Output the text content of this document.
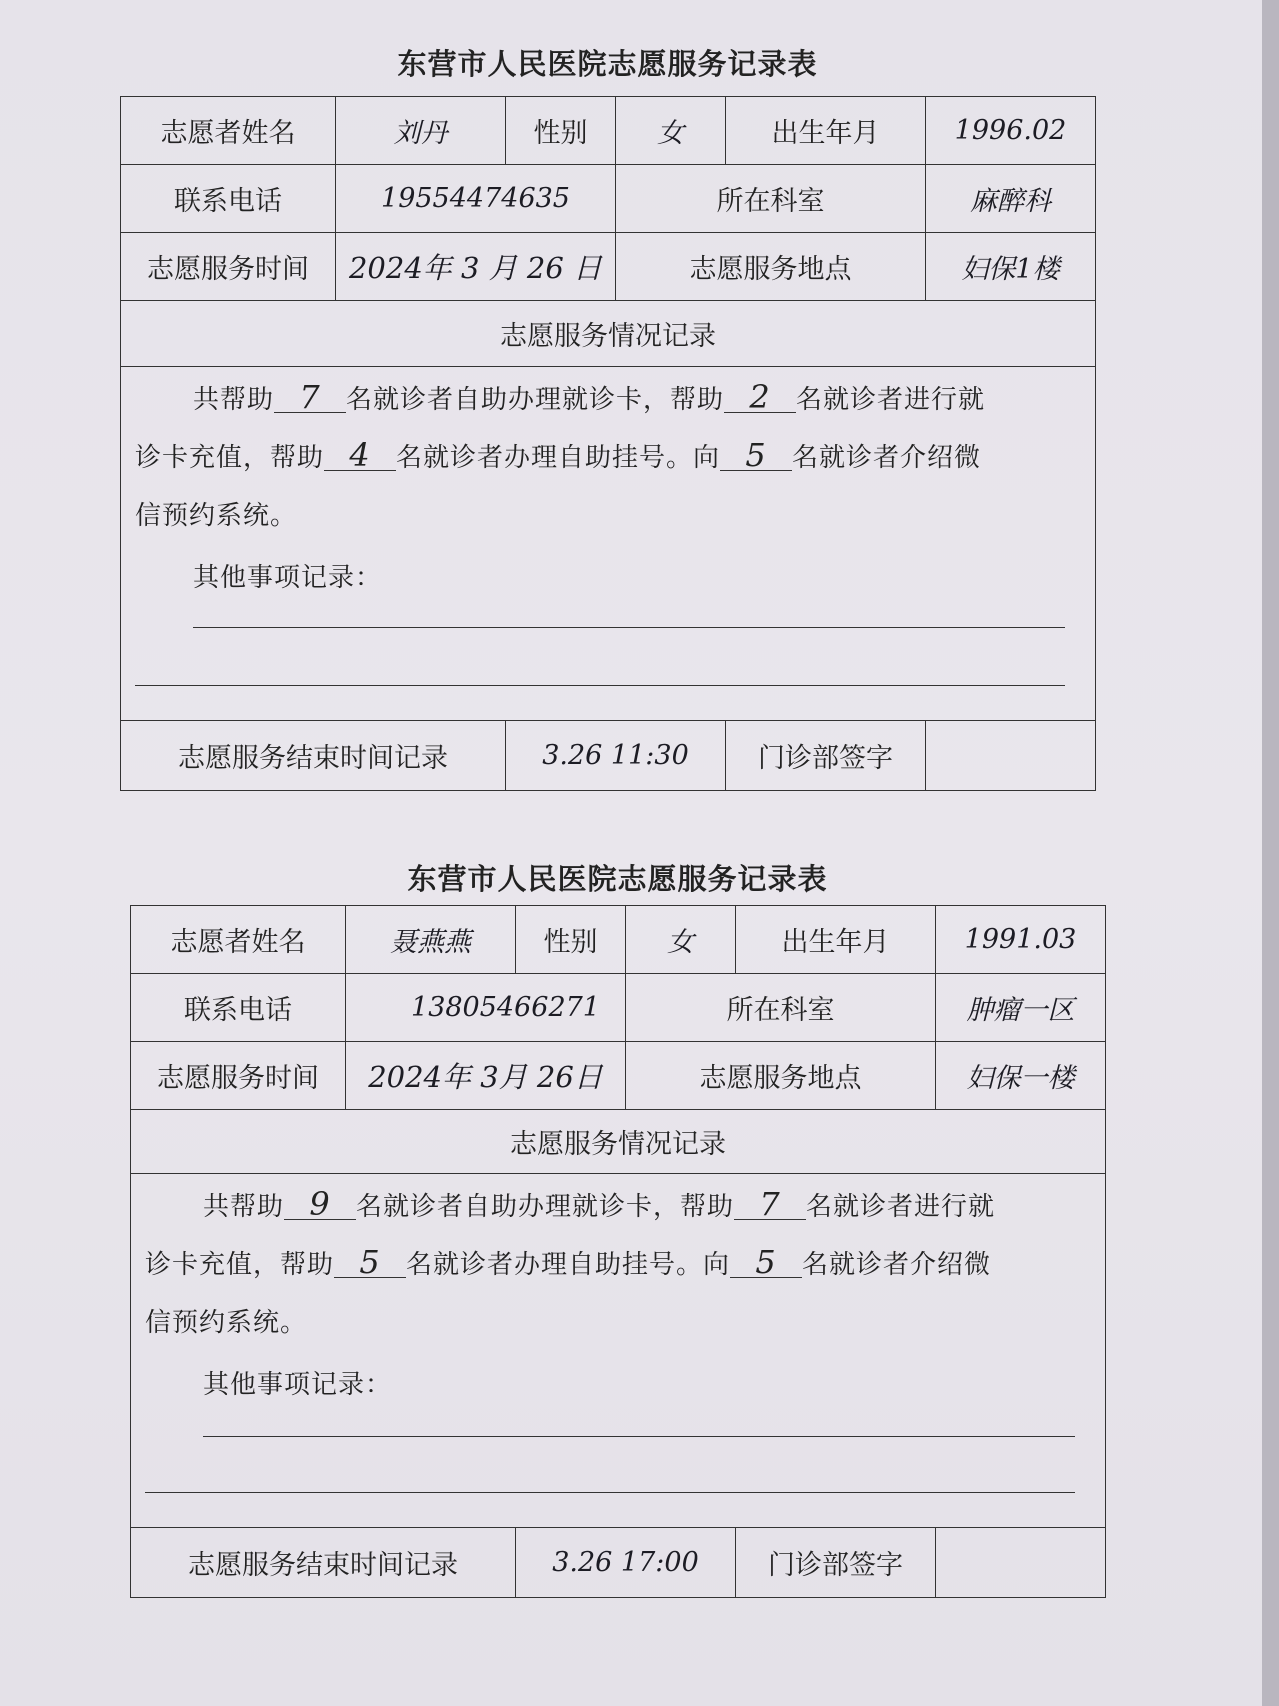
东营市人民医院志愿服务记录表
志愿者姓名	刘丹	性别	女	出生年月	1996.02
联系电话	19554474635		所在科室		麻醉科
志愿服务时间	2024年 3 月 26 日		志愿服务地点		妇保1楼
志愿服务情况记录					

共帮助 7 名就诊者自助办理就诊卡，帮助 2 名就诊者进行就
诊卡充值，帮助 4 名就诊者办理自助挂号。向 5 名就诊者介绍微
信预约系统。
其他事项记录：					

志愿服务结束时间记录		3.26 11:30		门诊部签字	
东营市人民医院志愿服务记录表
志愿者姓名	聂燕燕	性别	女	出生年月	1991.03
联系电话	13805466271		所在科室		肿瘤一区
志愿服务时间	2024年 3月 26日		志愿服务地点		妇保一楼
志愿服务情况记录					

共帮助 9 名就诊者自助办理就诊卡，帮助 7 名就诊者进行就
诊卡充值，帮助 5 名就诊者办理自助挂号。向 5 名就诊者介绍微
信预约系统。
其他事项记录：					

志愿服务结束时间记录		3.26 17:00		门诊部签字	
